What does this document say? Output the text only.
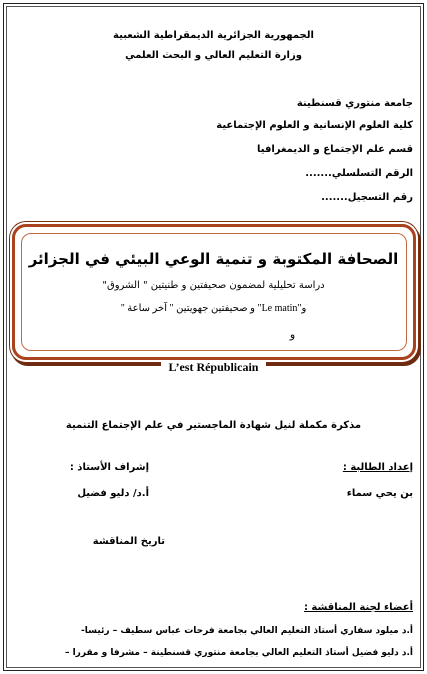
الجمهورية الجزائرية الديمقراطية الشعبية
وزارة التعليم العالي و البحث العلمي
جامعة منتوري قسنطينة
كلية العلوم الإنسانية و العلوم الإجتماعية
قسم علم الإجتماع و الديمغرافيا
الرقم التسلسلي.......
رقم التسجيل.......
الصحافة المكتوبة و تنمية الوعي البيئي في الجزائر
دراسة تحليلية لمضمون صحيفتين و طنيتين " الشروق"
و"Le matin" و صحيفتين جهويتين " آخر ساعة "
و
L’est Républicain
مذكرة مكملة لنيل شهادة الماجستير في علم الإجتماع التنمية
إعداد الطالبة :
إشراف الأستاذ :
بن يحي سماء
أ.د/ دليو فضيل
تاريخ المناقشة
أعضاء لجنة المناقشة :
أ.د ميلود سفاري أستاذ التعليم العالي بجامعة فرحات عباس سطيف – رئيسا-
أ.د دليو فضيل أستاذ التعليم العالي بجامعة منتوري قسنطينة – مشرفا و مقررا –
